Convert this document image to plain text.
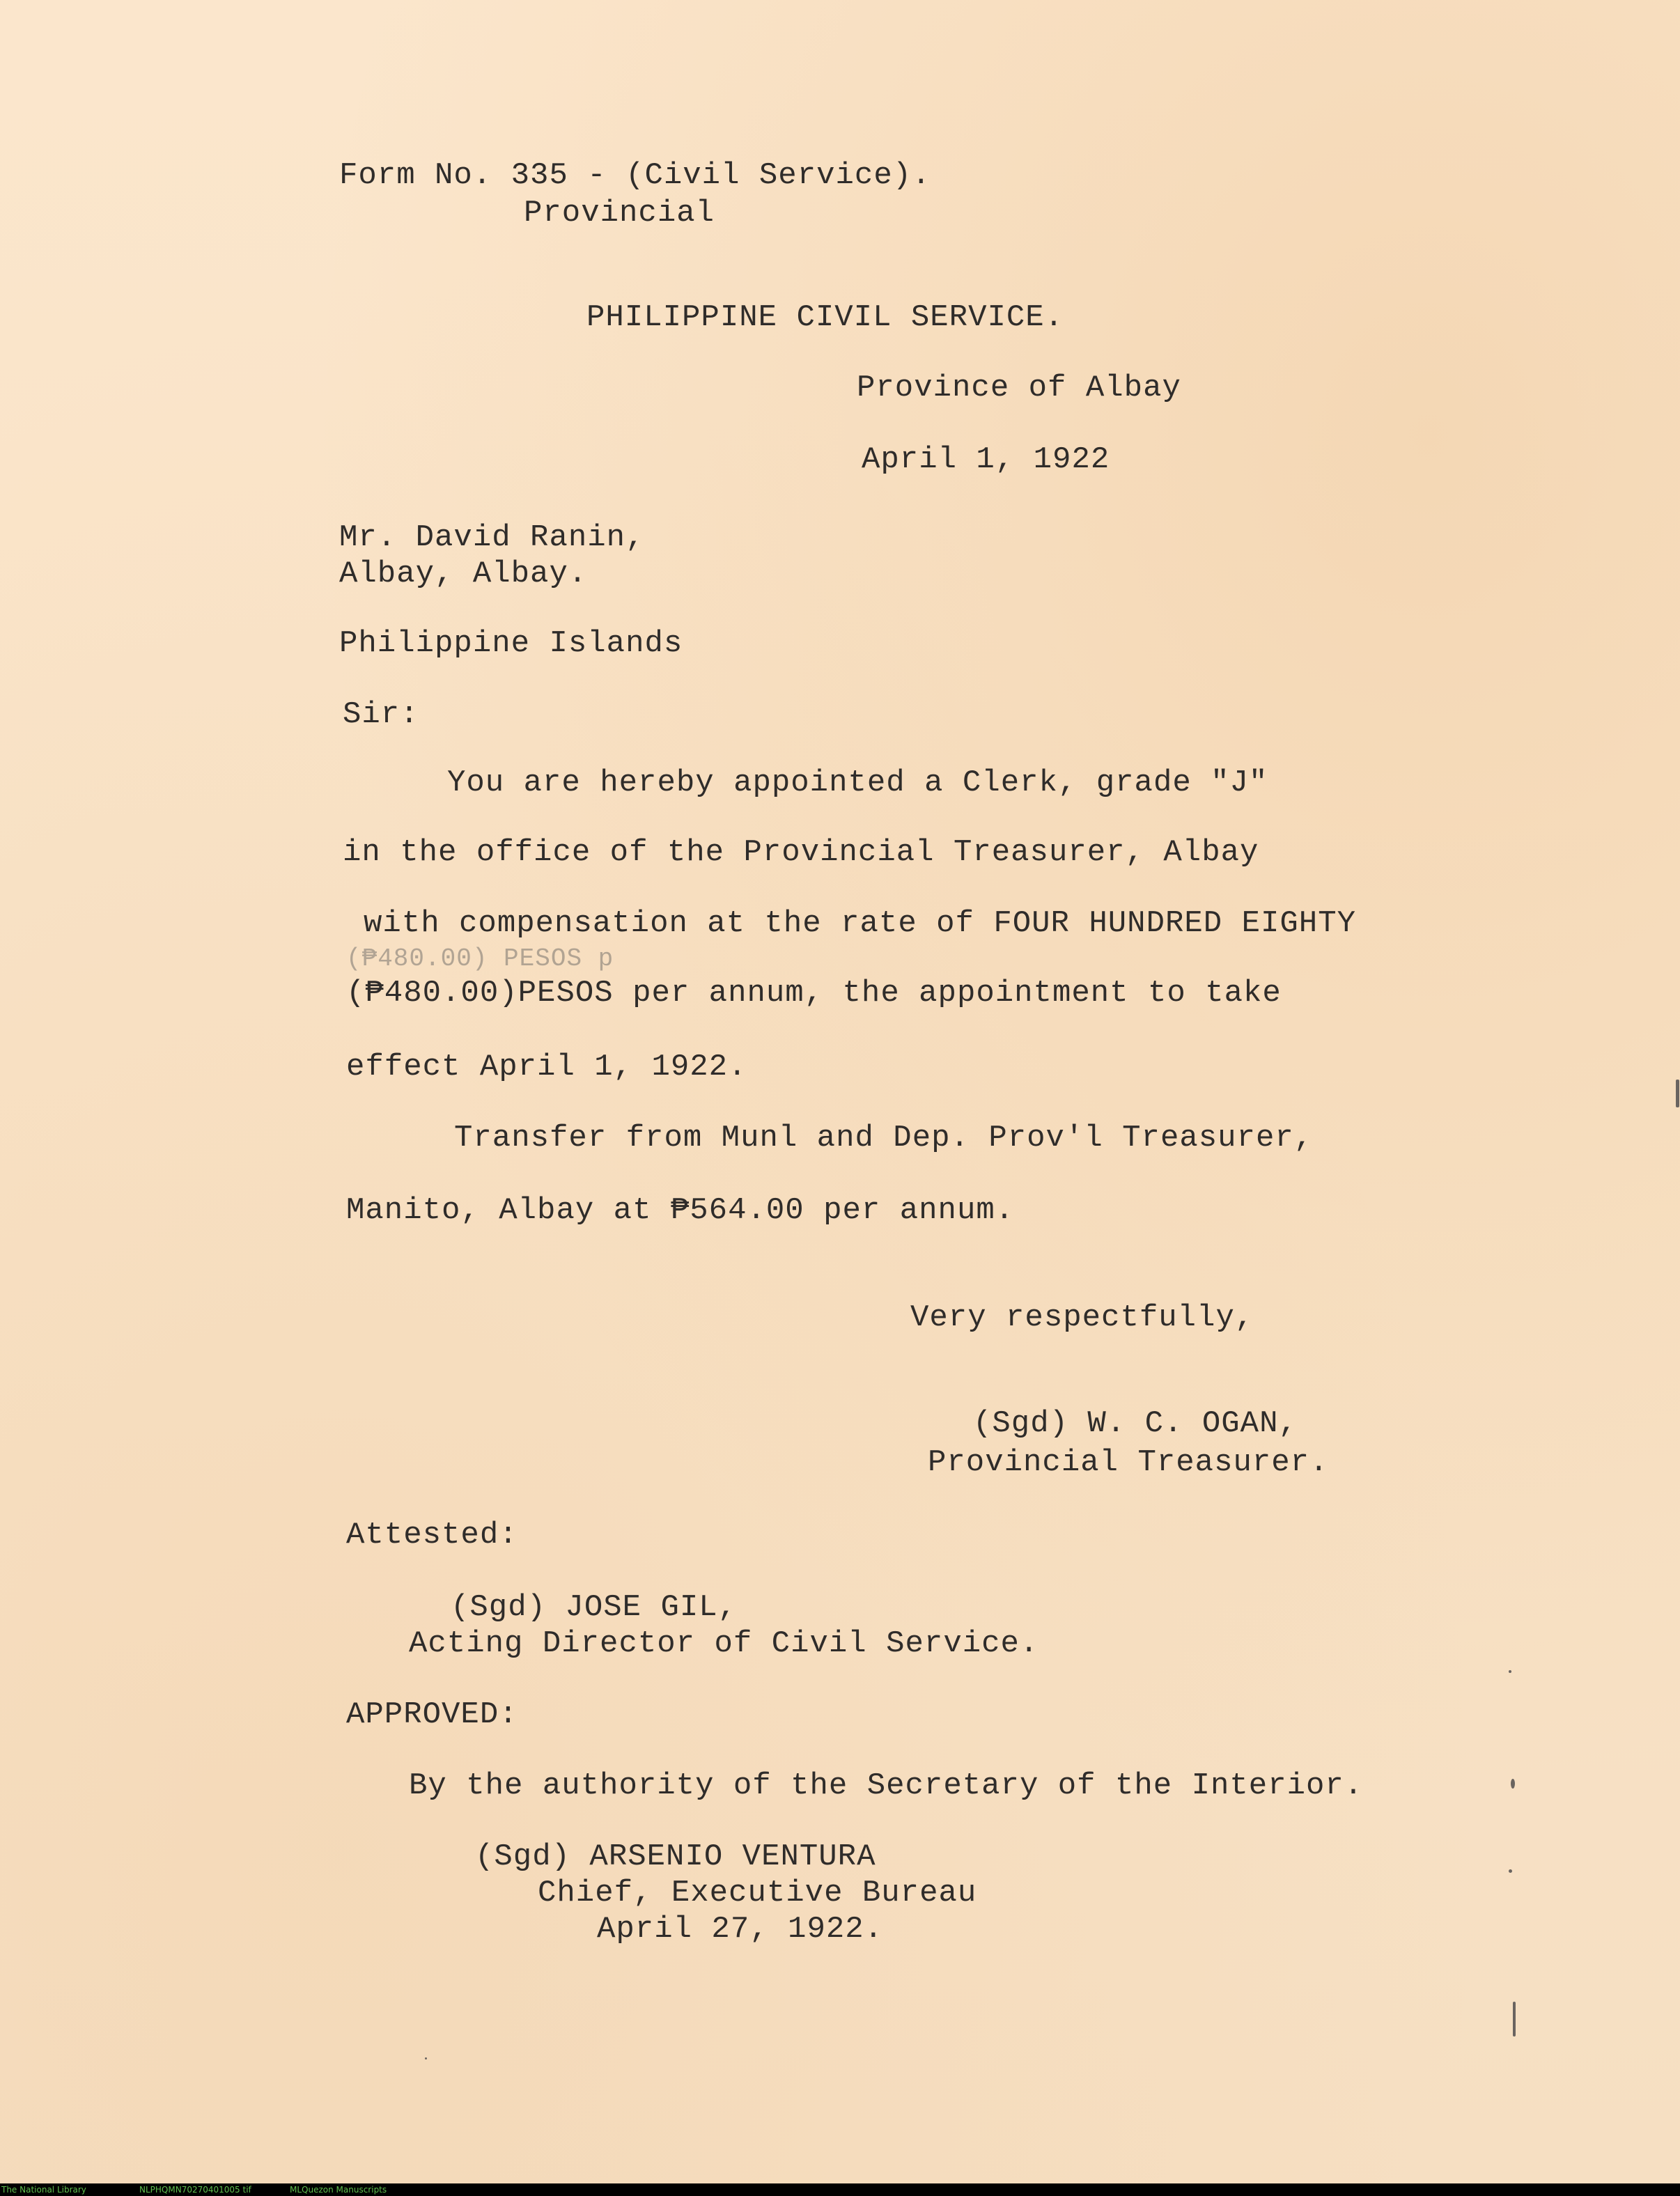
Form No. 335 - (Civil Service).
Provincial
PHILIPPINE CIVIL SERVICE.
Province of Albay
April 1, 1922
Mr. David Ranin,
Albay, Albay.
Philippine Islands
Sir:
You are hereby appointed a Clerk, grade "J"
in the office of the Provincial Treasurer, Albay
with compensation at the rate of FOUR HUNDRED EIGHTY
(₱480.00) PESOS p
(₱480.00)PESOS per annum, the appointment to take
effect April 1, 1922.
Transfer from Munl and Dep. Prov'l Treasurer,
Manito, Albay at ₱564.00 per annum.
Very respectfully,
(Sgd) W. C. OGAN,
Provincial Treasurer.
Attested:
(Sgd) JOSE GIL,
Acting Director of Civil Service.
APPROVED:
By the authority of the Secretary of the Interior.
(Sgd) ARSENIO VENTURA
Chief, Executive Bureau
April 27, 1922.
The National Library	NLPHQMN70270401005 tif	MLQuezon Manuscripts
